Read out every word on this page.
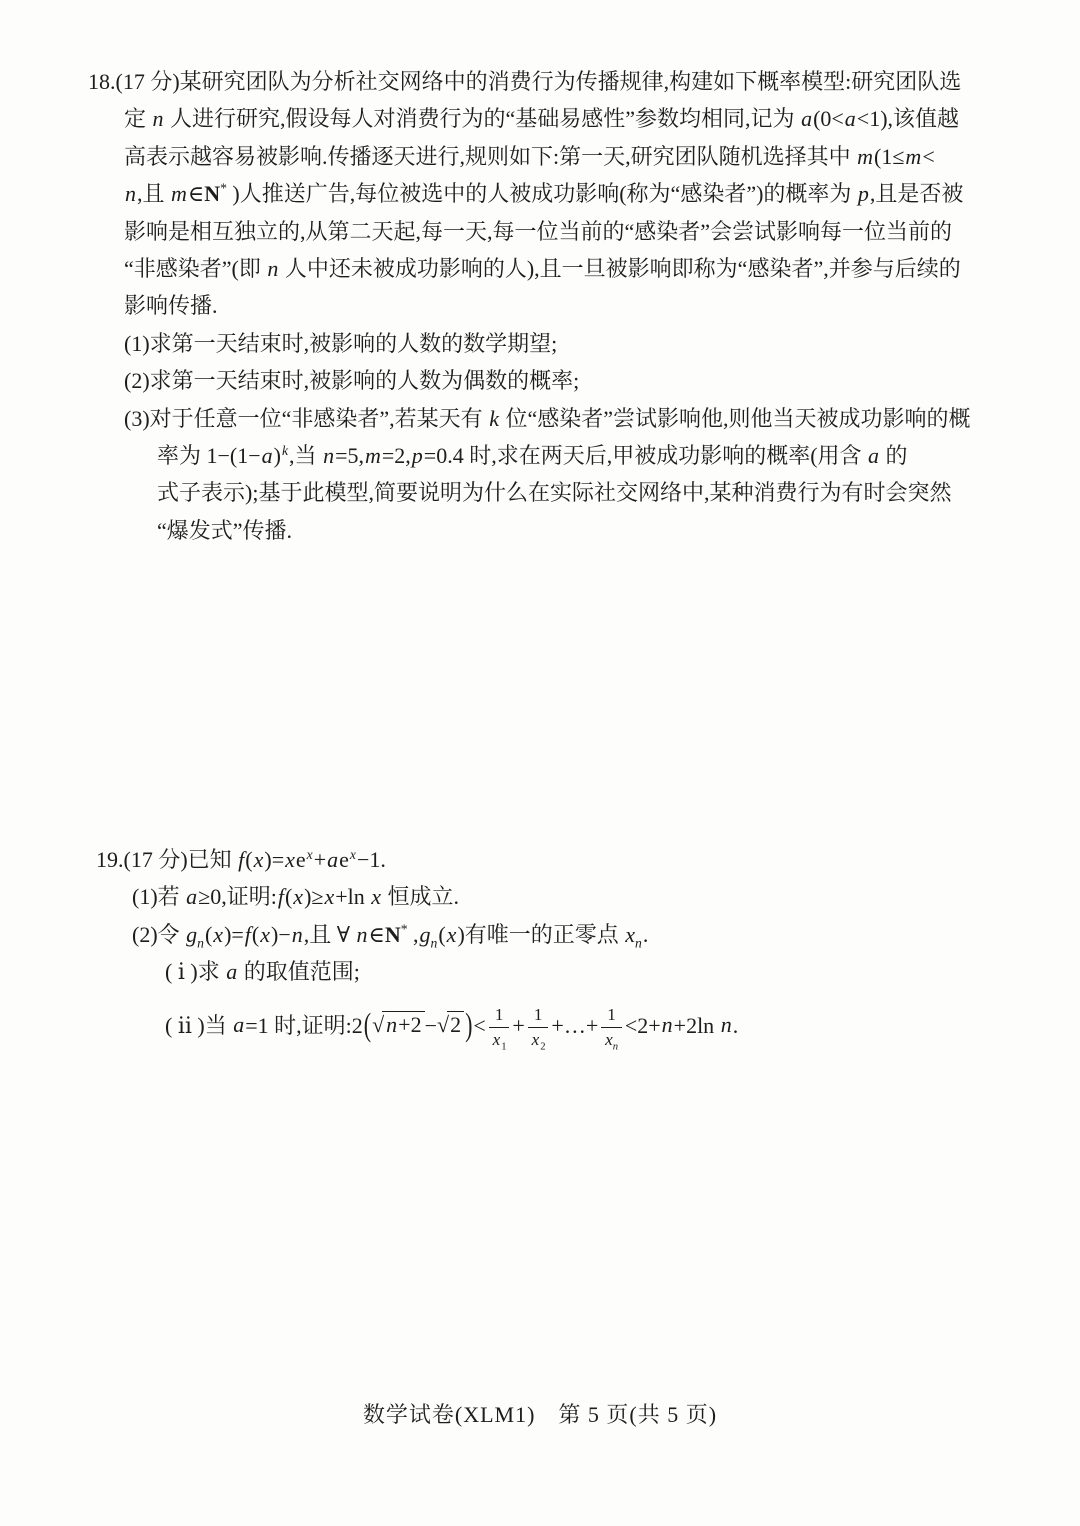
18.(17 分)某研究团队为分析社交网络中的消费行为传播规律,构建如下概率模型:研究团队选
定 n 人进行研究,假设每人对消费行为的“基础易感性”参数均相同,记为 a(0<a<1),该值越
高表示越容易被影响.传播逐天进行,规则如下:第一天,研究团队随机选择其中 m(1≤m<
n,且 m∈N* )人推送广告,每位被选中的人被成功影响(称为“感染者”)的概率为 p,且是否被
影响是相互独立的,从第二天起,每一天,每一位当前的“感染者”会尝试影响每一位当前的
“非感染者”(即 n 人中还未被成功影响的人),且一旦被影响即称为“感染者”,并参与后续的
影响传播.
(1)求第一天结束时,被影响的人数的数学期望;
(2)求第一天结束时,被影响的人数为偶数的概率;
(3)对于任意一位“非感染者”,若某天有 k 位“感染者”尝试影响他,则他当天被成功影响的概
率为 $1-(1-a)^k$,当 n=5,m=2,p=0.4 时,求在两天后,甲被成功影响的概率(用含 a 的
式子表示);基于此模型,简要说明为什么在实际社交网络中,某种消费行为有时会突然
“爆发式”传播.
19.(17 分)已知 $f(x)=xe^x+ae^x-1$.
(1)若 a≥0,证明:f(x)≥x+ln x 恒成立.
(2)令 $g_n(x)=f(x)-n$,且 ∀ n∈N* $,g_n(x)$有唯一的正零点 $x_n$.
( ⅰ )求 a 的取值范围;
( ⅱ )当 a=1 时,证明:2(√n+2 −√2 )< $\frac{1}{x_1} + \frac{1}{x_2}$ +…+ $\frac{1}{x_n} <2+n+2\ln$ n.
数学试卷(XLM1)　第 5 页(共 5 页)
